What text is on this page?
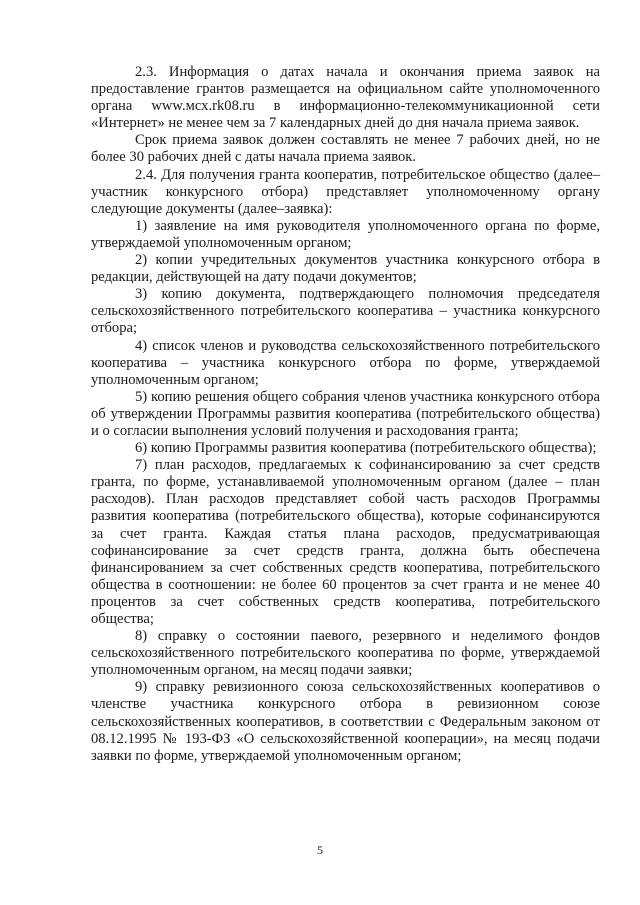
2.3. Информация о датах начала и окончания приема заявок на предоставление грантов размещается на официальном сайте уполномоченного органа www.мсх.rk08.ru в информационно-телекоммуникационной сети «Интернет» не менее чем за 7 календарных дней до дня начала приема заявок.

Срок приема заявок должен составлять не менее 7 рабочих дней, но не более 30 рабочих дней с даты начала приема заявок.

2.4. Для получения гранта кооператив, потребительское общество (далее–участник конкурсного отбора) представляет уполномоченному органу следующие документы (далее–заявка):

1) заявление на имя руководителя уполномоченного органа по форме, утверждаемой уполномоченным органом;

2) копии учредительных документов участника конкурсного отбора в редакции, действующей на дату подачи документов;

3) копию документа, подтверждающего полномочия председателя сельскохозяйственного потребительского кооператива – участника конкурсного отбора;

4) список членов и руководства сельскохозяйственного потребительского кооператива – участника конкурсного отбора по форме, утверждаемой уполномоченным органом;

5) копию решения общего собрания членов участника конкурсного отбора об утверждении Программы развития кооператива (потребительского общества) и о согласии выполнения условий получения и расходования гранта;

6) копию Программы развития кооператива (потребительского общества);

7) план расходов, предлагаемых к софинансированию за счет средств гранта, по форме, устанавливаемой уполномоченным органом (далее – план расходов). План расходов представляет собой часть расходов Программы развития кооператива (потребительского общества), которые софинансируются за счет гранта. Каждая статья плана расходов, предусматривающая софинансирование за счет средств гранта, должна быть обеспечена финансированием за счет собственных средств кооператива, потребительского общества в соотношении: не более 60 процентов за счет гранта и не менее 40 процентов за счет собственных средств кооператива, потребительского общества;

8) справку о состоянии паевого, резервного и неделимого фондов сельскохозяйственного потребительского кооператива по форме, утверждаемой уполномоченным органом, на месяц подачи заявки;

9) справку ревизионного союза сельскохозяйственных кооперативов о членстве участника конкурсного отбора в ревизионном союзе сельскохозяйственных кооперативов, в соответствии с Федеральным законом от 08.12.1995 № 193-ФЗ «О сельскохозяйственной кооперации», на месяц подачи заявки по форме, утверждаемой уполномоченным органом;

5
